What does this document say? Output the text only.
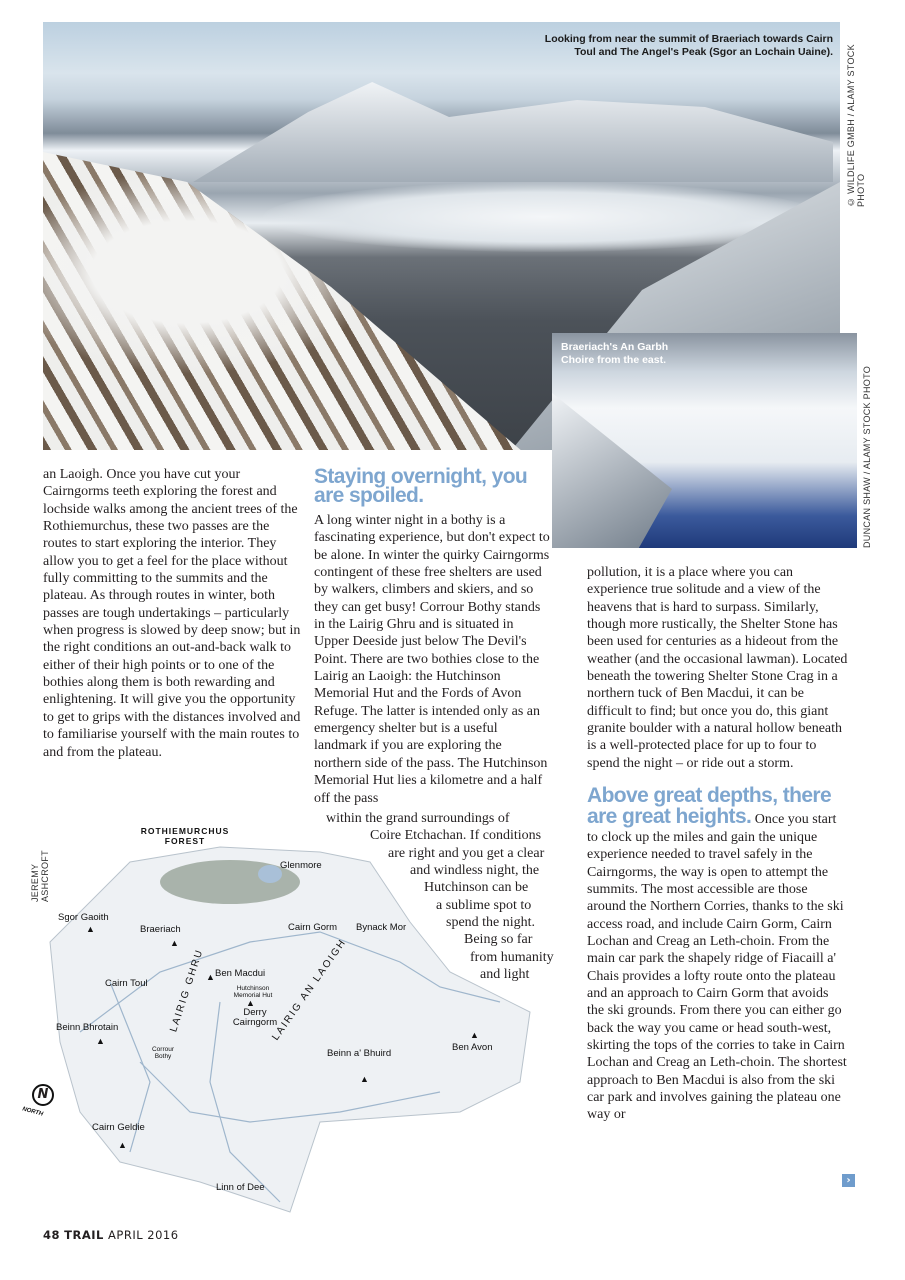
Looking from near the summit of Braeriach towards Cairn Toul and The Angel's Peak (Sgor an Lochain Uaine). © WILDLIFE GMBH / ALAMY STOCK PHOTO
Braeriach's An Garbh Choire from the east.
DUNCAN SHAW / ALAMY STOCK PHOTO

an Laoigh. Once you have cut your Cairngorms teeth exploring the forest and lochside walks among the ancient trees of the Rothiemurchus, these two passes are the routes to start exploring the interior. They allow you to get a feel for the place without fully committing to the summits and the plateau. As through routes in winter, both passes are tough undertakings – particularly when progress is slowed by deep snow; but in the right conditions an out-and-back walk to either of their high points or to one of the bothies along them is both rewarding and enlightening. It will give you the opportunity to get to grips with the distances involved and to familiarise yourself with the main routes to and from the plateau.

Staying overnight, you are spoiled.

A long winter night in a bothy is a fascinating experience, but don't expect to be alone. In winter the quirky Cairngorms contingent of these free shelters are used by walkers, climbers and skiers, and so they can get busy! Corrour Bothy stands in the Lairig Ghru and is situated in Upper Deeside just below The Devil's Point. There are two bothies close to the Lairig an Laoigh: the Hutchinson Memorial Hut and the Fords of Avon Refuge. The latter is intended only as an emergency shelter but is a useful landmark if you are exploring the northern side of the pass. The Hutchinson Memorial Hut lies a kilometre and a half off the pass

within the grand surroundings of
Coire Etchachan. If conditions
are right and you get a clear
and windless night, the
Hutchinson can be
a sublime spot to
spend the night.
Being so far
from humanity
and light

pollution, it is a place where you can experience true solitude and a view of the heavens that is hard to surpass. Similarly, though more rustically, the Shelter Stone has been used for centuries as a hideout from the weather (and the occasional lawman). Located beneath the towering Shelter Stone Crag in a northern tuck of Ben Macdui, it can be difficult to find; but once you do, this giant granite boulder with a natural hollow beneath is a well-protected place for up to four to spend the night – or ride out a storm.

Above great depths, there are great heights. Once you start to clock up the miles and gain the unique experience needed to travel safely in the Cairngorms, the way is open to attempt the summits. The most accessible are those around the Northern Corries, thanks to the ski access road, and include Cairn Gorm, Cairn Lochan and Creag an Leth-choin. From the main car park the shapely ridge of Fiacaill a' Chais provides a lofty route onto the plateau and an approach to Cairn Gorm that avoids the ski grounds. From there you can either go back the way you came or head south-west, skirting the tops of the corries to take in Cairn Lochan and Creag an Leth-choin. The shortest approach to Ben Macdui is also from the ski car park and involves gaining the plateau one way or

›
JEREMY ASHCROFT
ROTHIEMURCHUS FOREST
Glenmore
Sgor Gaoith
Braeriach	Cairn Gorm Bynack Mor
Ben Macdui
Cairn Toul	Hutchinson Memorial Hut
Derry Cairngorm
Beinn Bhrotain
Corrour Bothy	Beinn a' Bhuird
Ben Avon
Cairn Geldie
Linn of Dee
LAIRIG GHRU	LAIRIG AN LAOIGH
▲
▲
▲
▲
▲
▲
▲
▲
N
NORTH
48 TRAIL APRIL 2016
